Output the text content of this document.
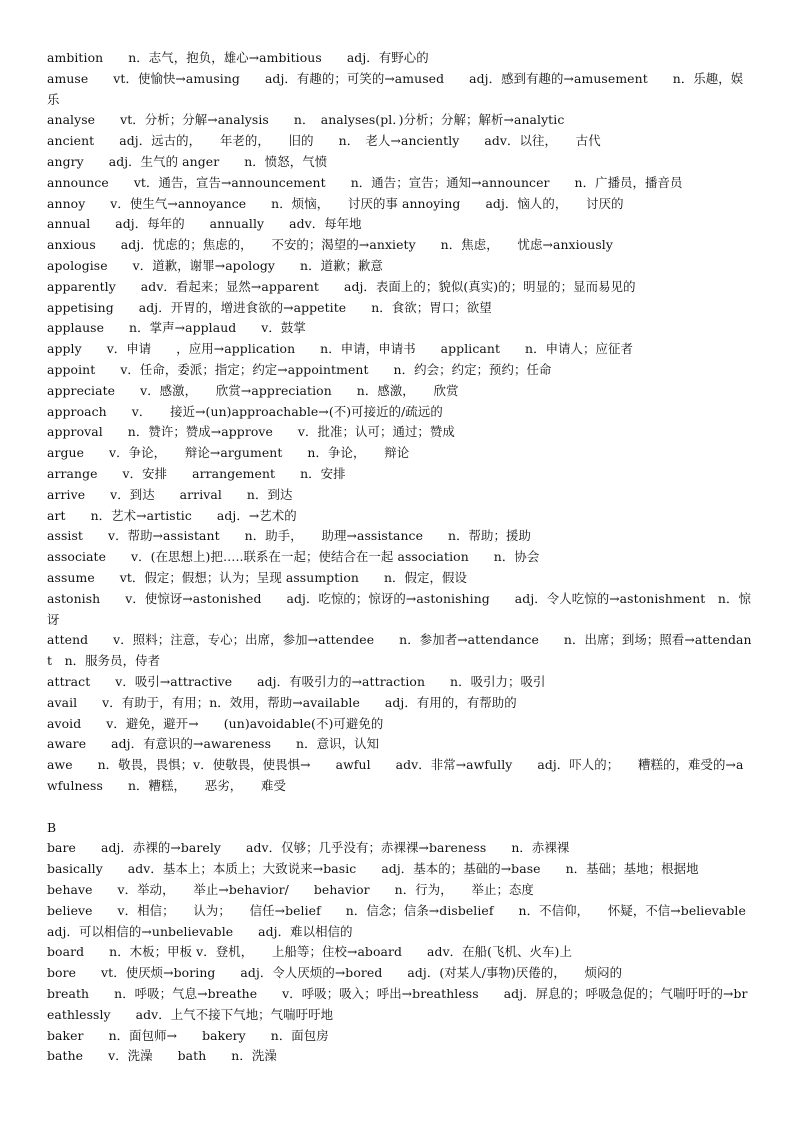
ambition　　n．志气，抱负，雄心→ambitious　　adj．有野心的
amuse　　vt．使愉快→amusing　　adj．有趣的；可笑的→amused　　adj．感到有趣的→amusement　　n．乐趣，娱乐
analyse　　vt．分析；分解→analysis　　n．　analyses(pl．)分析；分解；解析→analytic
ancient　　adj．远古的，　　年老的，　　旧的　　n．　老人→anciently　　adv．以往，　　古代
angry　　adj．生气的 anger　　n．愤怒，气愤
announce　　vt．通告，宣告→announcement　　n．通告；宣告；通知→announcer　　n．广播员，播音员
annoy　　v．使生气→annoyance　　n．烦恼，　　讨厌的事 annoying　　adj．恼人的，　　讨厌的
annual　　adj．每年的　　annually　　adv．每年地
anxious　　adj．忧虑的；焦虑的，　　不安的；渴望的→anxiety　　n．焦虑，　　忧虑→anxiously
apologise　　v．道歉，谢罪→apology　　n．道歉；歉意
apparently　　adv．看起来；显然→apparent　　adj．表面上的；貌似(真实)的；明显的；显而易见的
appetising　　adj．开胃的，增进食欲的→appetite　　n．食欲；胃口；欲望
applause　　n．掌声→applaud　　v．鼓掌
apply　　v．申请　　，应用→application　　n．申请，申请书　　applicant　　n．申请人；应征者
appoint　　v．任命，委派；指定；约定→appointment　　n．约会；约定；预约；任命
appreciate　　v．感激，　　欣赏→appreciation　　n．感激，　　欣赏
approach　　v．　　接近→(un)approachable→(不)可接近的/疏远的
approval　　n．赞许；赞成→approve　　v．批准；认可；通过；赞成
argue　　v．争论，　　辩论→argument　　n．争论，　　辩论
arrange　　v．安排　　arrangement　　n．安排
arrive　　v．到达　　arrival　　n．到达
art　　n．艺术→artistic　　adj．→艺术的
assist　　v．帮助→assistant　　n．助手，　　助理→assistance　　n．帮助；援助
associate　　v．(在思想上)把…..联系在一起；使结合在一起 association　　n．协会
assume　　vt．假定；假想；认为；呈现 assumption　　n．假定，假设
astonish　　v．使惊讶→astonished　　adj．吃惊的；惊讶的→astonishing　　adj．令人吃惊的→astonishment　n．惊讶
attend　　v．照料；注意，专心；出席，参加→attendee　　n．参加者→attendance　　n．出席；到场；照看→attendant　n．服务员，侍者
attract　　v．吸引→attractive　　adj．有吸引力的→attraction　　n．吸引力；吸引
avail　　v．有助于，有用；n．效用，帮助→available　　adj．有用的，有帮助的
avoid　　v．避免，避开→　　(un)avoidable(不)可避免的
aware　　adj．有意识的→awareness　　n．意识，认知
awe　　n．敬畏，畏惧；v．使敬畏，使畏惧→　　awful　　adv．非常→awfully　　adj．吓人的；　　糟糕的，难受的→awfulness　　n．糟糕，　　恶劣，　　难受
B
bare　　adj．赤裸的→barely　　adv．仅够；几乎没有；赤裸裸→bareness　　n．赤裸裸
basically　　adv．基本上；本质上；大致说来→basic　　adj．基本的；基础的→base　　n．基础；基地；根据地
behave　　v．举动，　　举止→behavior/　　behavior　　n．行为，　　举止；态度
believe　　v．相信；　　认为；　　信任→belief　　n．信念；信条→disbelief　　n．不信仰，　　怀疑，不信→believable　　adj．可以相信的→unbelievable　　adj．难以相信的
board　　n．木板；甲板 v．登机，　　上船等；住校→aboard　　adv．在船(飞机、火车)上
bore　　vt．使厌烦→boring　　adj．令人厌烦的→bored　　adj．(对某人/事物)厌倦的，　　烦闷的
breath　　n．呼吸；气息→breathe　　v．呼吸；吸入；呼出→breathless　　adj．屏息的；呼吸急促的；气喘吁吁的→breathlessly　　adv．上气不接下气地；气喘吁吁地
baker　　n．面包师→　　bakery　　n．面包房
bathe　　v．洗澡　　bath　　n．洗澡
